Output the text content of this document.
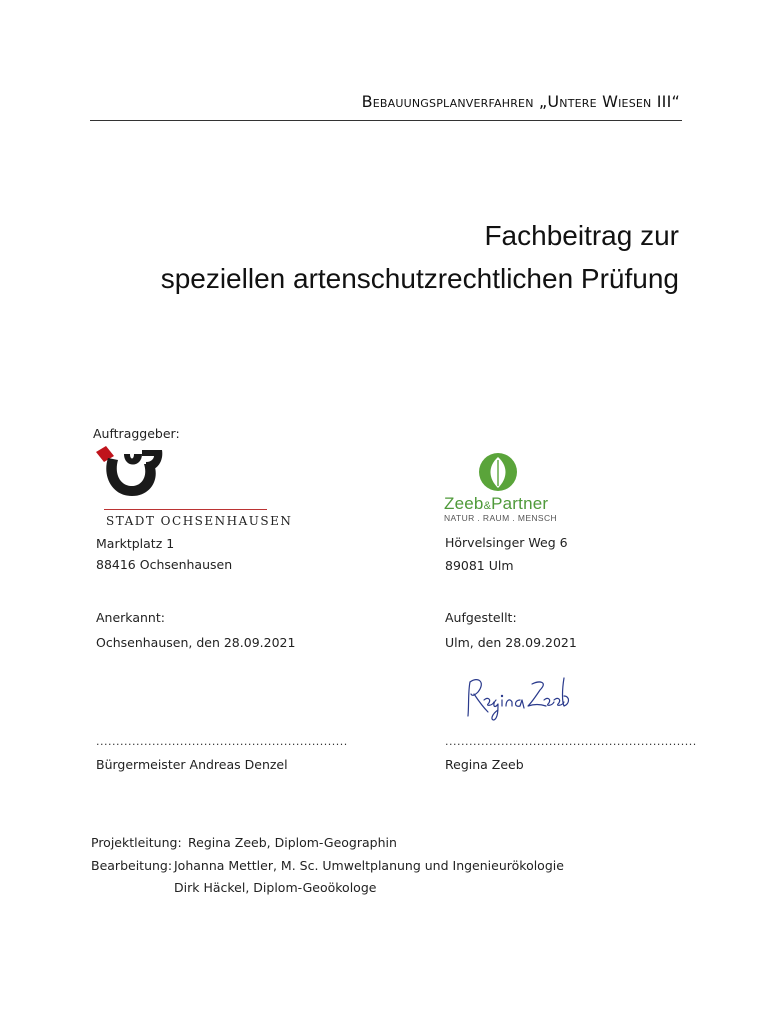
Bebauungsplanverfahren „Untere Wiesen III“
Fachbeitrag zur
speziellen artenschutzrechtlichen Prüfung
Auftraggeber:
STADT OCHSENHAUSEN
Zeeb&Partner
NATUR . RAUM . MENSCH
Marktplatz 1
88416 Ochsenhausen
Hörvelsinger Weg 6
89081 Ulm
Anerkannt:
Ochsenhausen, den 28.09.2021
Aufgestellt:
Ulm, den 28.09.2021
...............................................................	...............................................................
Bürgermeister Andreas Denzel	Regina Zeeb
Projektleitung: Regina Zeeb, Diplom-Geographin
Bearbeitung: Johanna Mettler, M. Sc. Umweltplanung und Ingenieurökologie
Dirk Häckel, Diplom-Geoökologe
